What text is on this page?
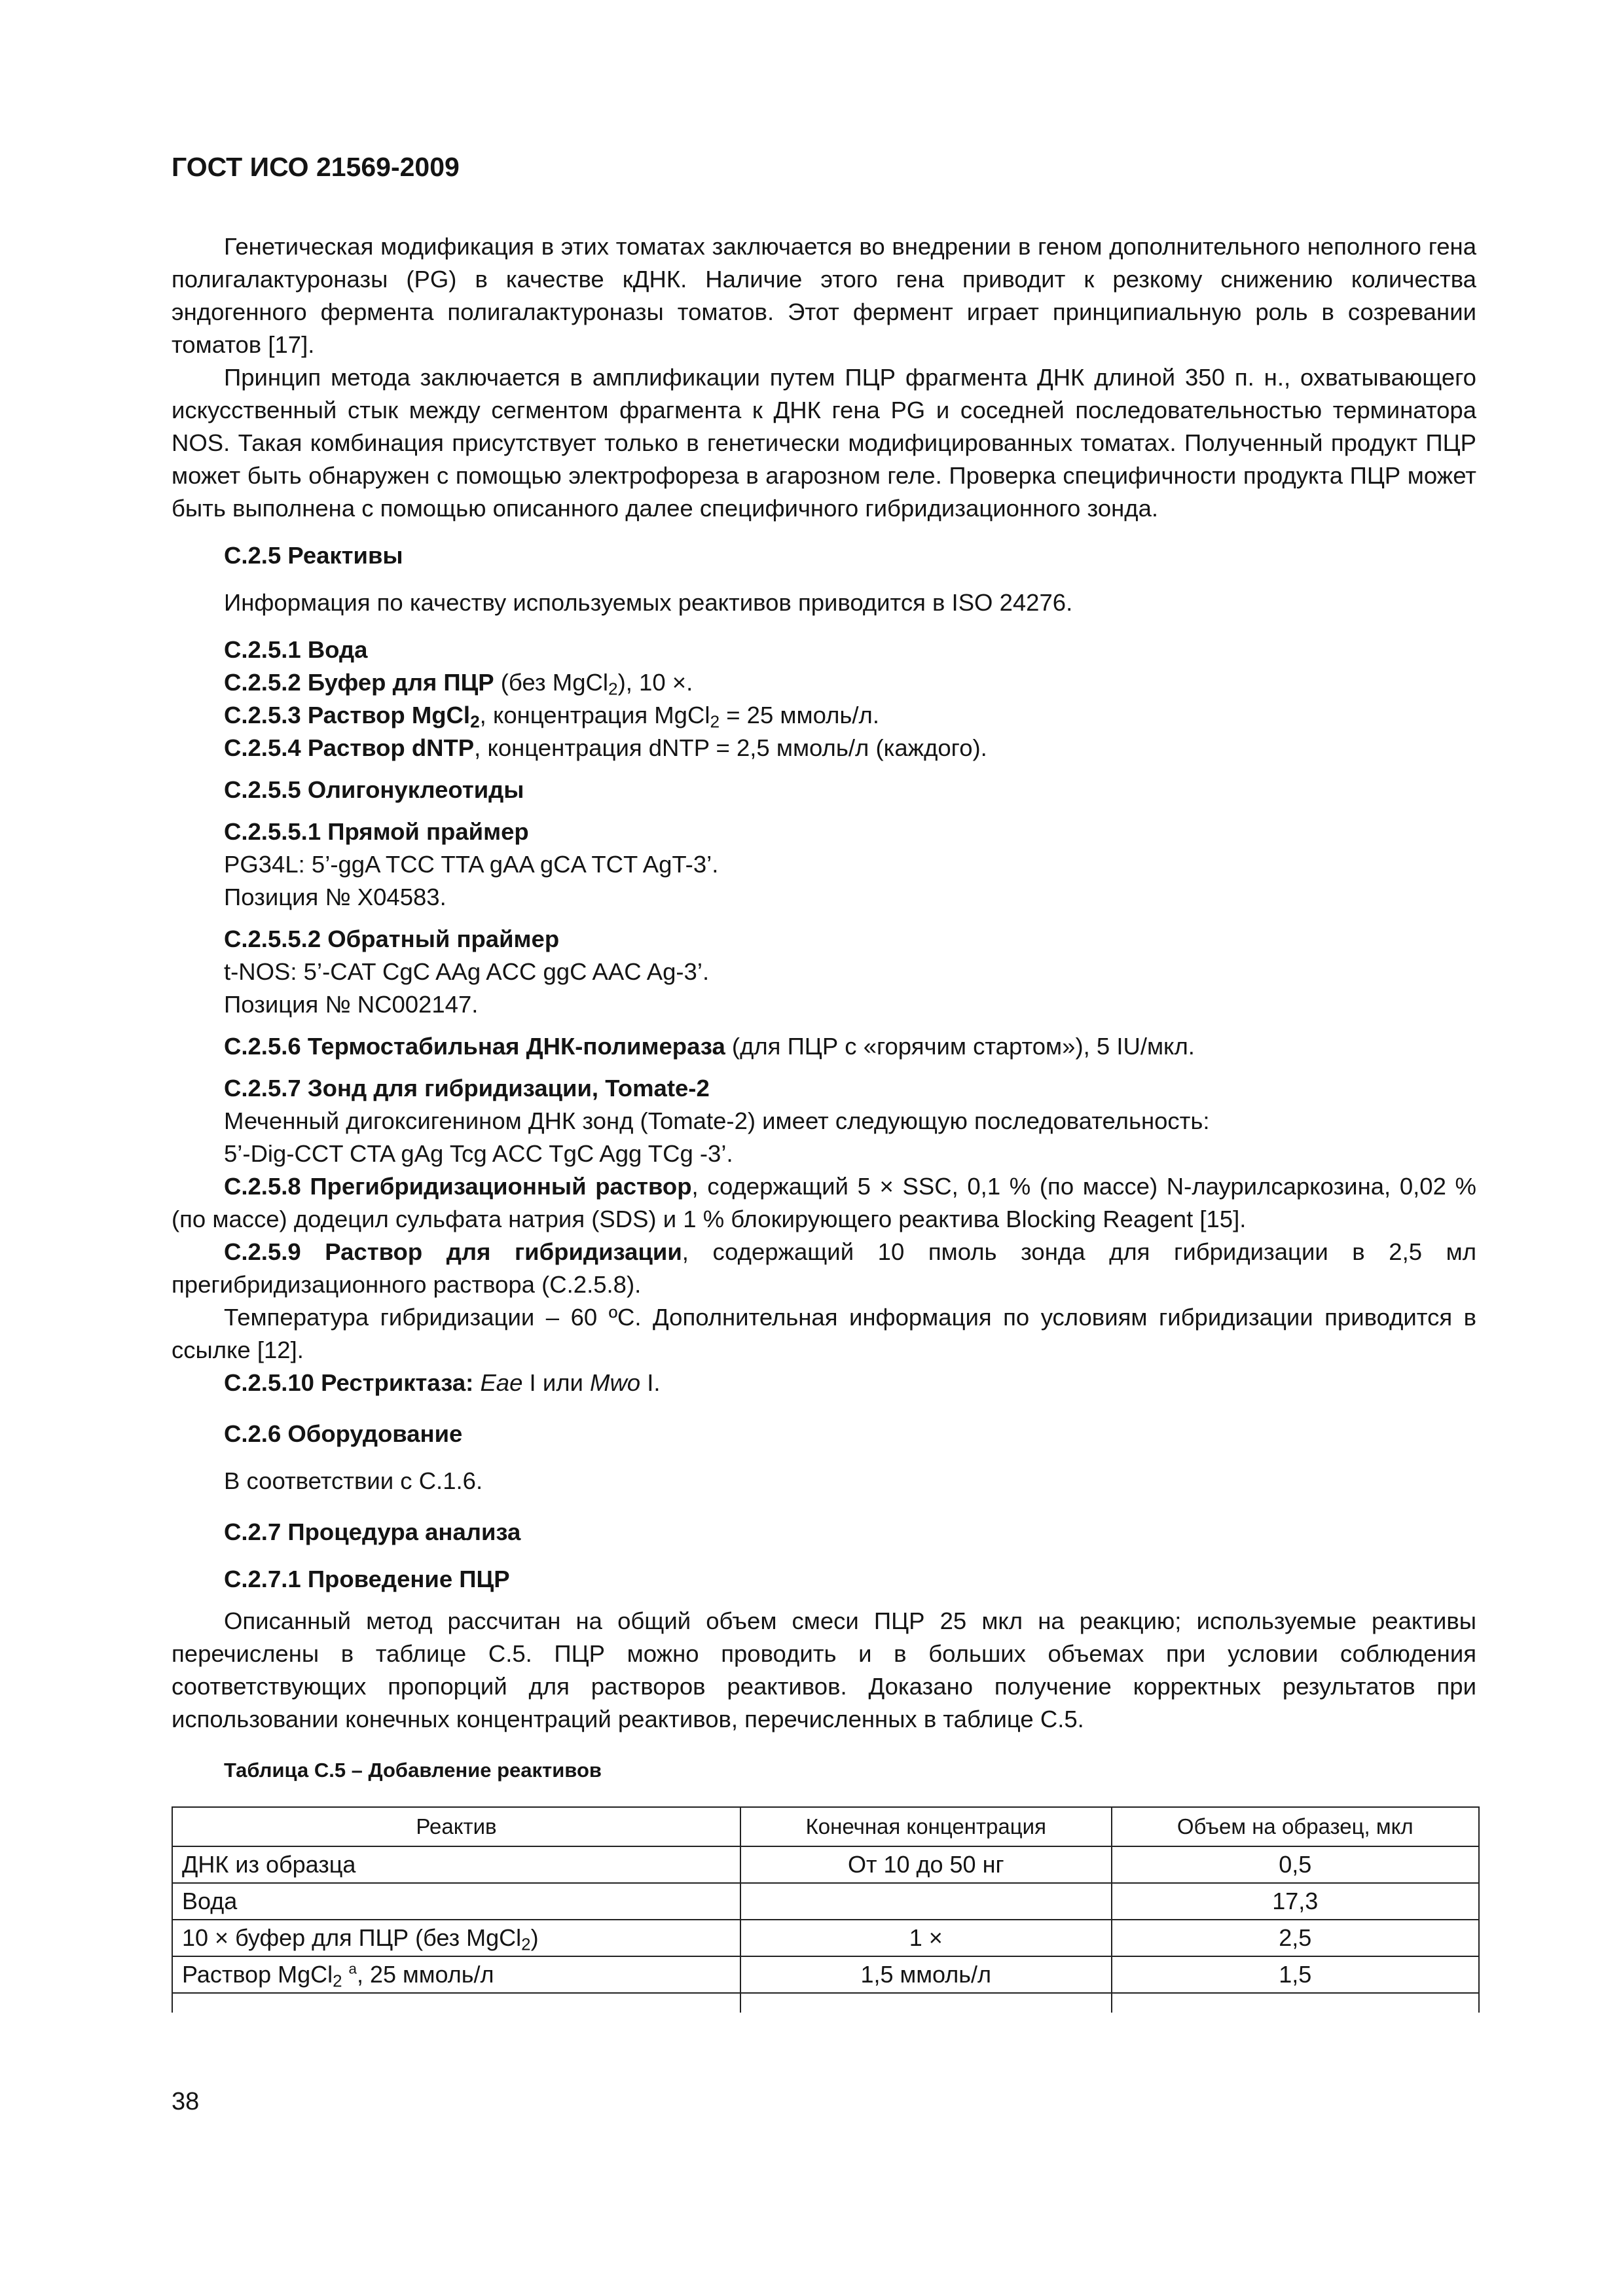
ГОСТ ИСО 21569-2009

Генетическая модификация в этих томатах заключается во внедрении в геном дополнительного неполного гена полигалактуроназы (PG) в качестве кДНК. Наличие этого гена приводит к резкому снижению количества эндогенного фермента полигалактуроназы томатов. Этот фермент играет принципиальную роль в созревании томатов [17].

Принцип метода заключается в амплификации путем ПЦР фрагмента ДНК длиной 350 п. н., охватывающего искусственный стык между сегментом фрагмента к ДНК гена PG и соседней последовательностью терминатора NOS. Такая комбинация присутствует только в генетически модифицированных томатах. Полученный продукт ПЦР может быть обнаружен с помощью электрофореза в агарозном геле. Проверка специфичности продукта ПЦР может быть выполнена с помощью описанного далее специфичного гибридизационного зонда.

С.2.5 Реактивы

Информация по качеству используемых реактивов приводится в ISO 24276.

С.2.5.1 Вода

С.2.5.2 Буфер для ПЦР (без MgCl$_2$), 10 ×.

С.2.5.3 Раствор MgCl$_2$, концентрация MgCl$_2$ = 25 ммоль/л.

С.2.5.4 Раствор dNTP, концентрация dNTP = 2,5 ммоль/л (каждого).

С.2.5.5 Олигонуклеотиды

С.2.5.5.1 Прямой праймер

PG34L: 5’-ggA TCC TTA gAA gCA TCT AgT-3’.

Позиция № X04583.

С.2.5.5.2 Обратный праймер

t-NOS: 5’-CAT CgC AAg ACC ggC AAC Ag-3’.

Позиция № NC002147.

С.2.5.6 Термостабильная ДНК-полимераза (для ПЦР с «горячим стартом»), 5 IU/мкл.

С.2.5.7 Зонд для гибридизации, Tomate-2

Меченный дигоксигенином ДНК зонд (Tomate-2) имеет следующую последовательность:

5’-Dig-CCT CTA gAg Tcg ACC TgC Agg TCg -3’.

С.2.5.8 Прегибридизационный раствор, содержащий 5 × SSC, 0,1 % (по массе) N-лаурилсаркозина, 0,02 % (по массе) додецил сульфата натрия (SDS) и 1 % блокирующего реактива Blocking Reagent [15].

С.2.5.9 Раствор для гибридизации, содержащий 10 пмоль зонда для гибридизации в 2,5 мл прегибридизационного раствора (С.2.5.8).

Температура гибридизации – 60 ºС. Дополнительная информация по условиям гибридизации приводится в ссылке [12].

С.2.5.10 Рестриктаза: Eae I или Mwo I.

С.2.6 Оборудование

В соответствии с С.1.6.

С.2.7 Процедура анализа

С.2.7.1 Проведение ПЦР

Описанный метод рассчитан на общий объем смеси ПЦР 25 мкл на реакцию; используемые реактивы перечислены в таблице С.5. ПЦР можно проводить и в больших объемах при условии соблюдения соответствующих пропорций для растворов реактивов. Доказано получение корректных результатов при использовании конечных концентраций реактивов, перечисленных в таблице С.5.

Таблица С.5 – Добавление реактивов

Реактив	Конечная концентрация	Объем на образец, мкл
ДНК из образца	От 10 до 50 нг	0,5
Вода		17,3
10 × буфер для ПЦР (без MgCl$_2$)	1 ×	2,5
Раствор MgCl$_2$ $^a$, 25 ммоль/л	1,5 ммоль/л	1,5

38
